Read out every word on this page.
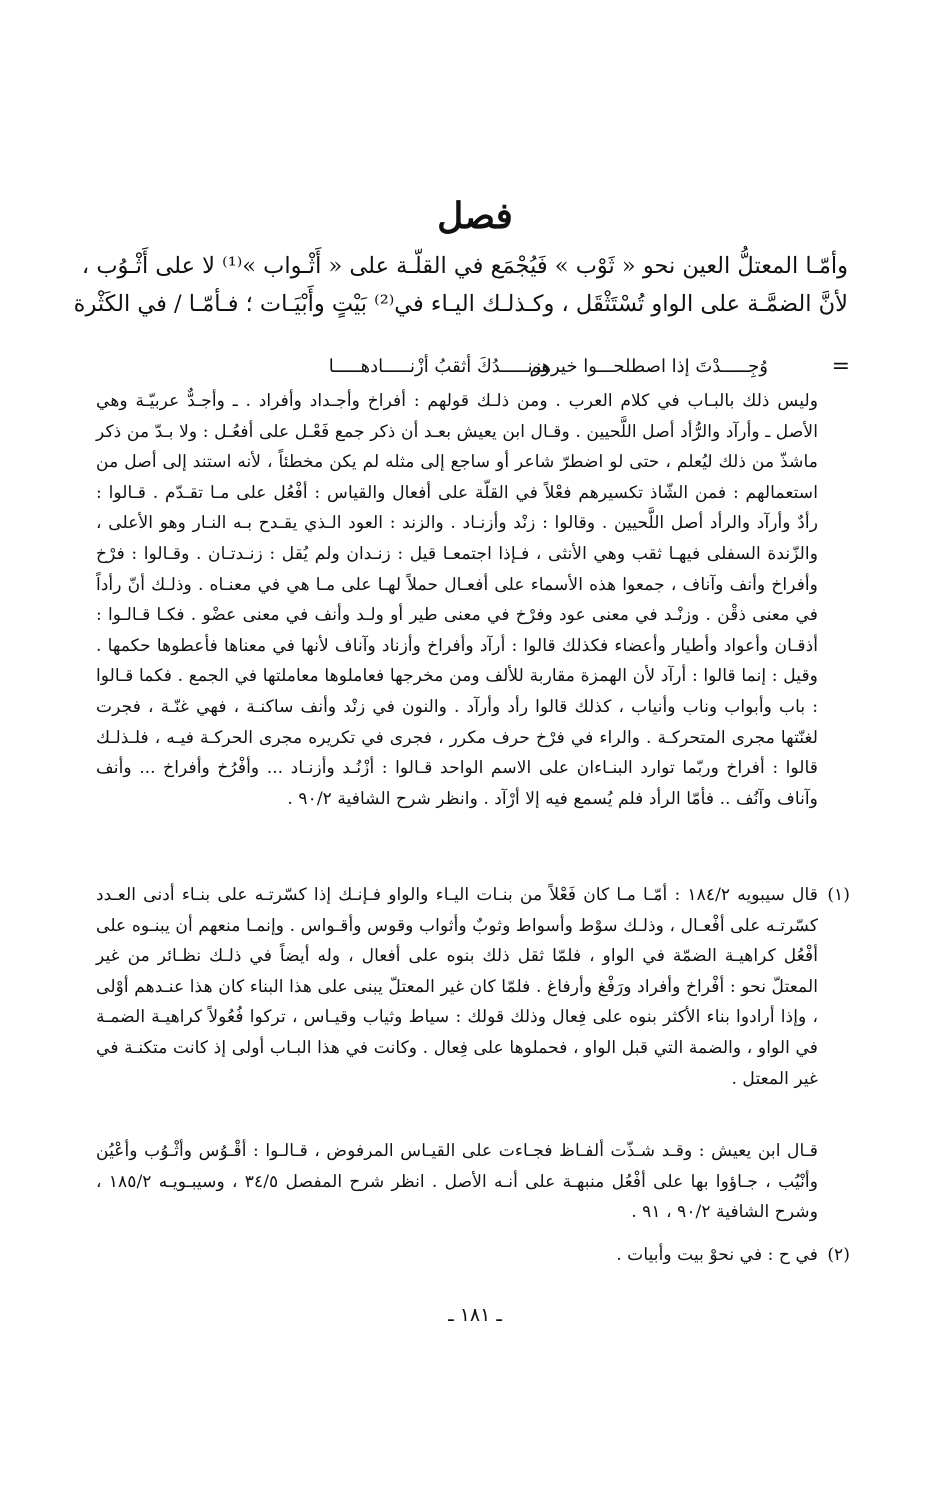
فصل
وأمّـا المعتلُّ العين نحو « ثَوْب » فَيُجْمَع في القلّـة على « أَثْـواب »⁽¹⁾ لا على أَثْـوُب ،
لأنَّ الضمَّـة على الواو تُسْتَثْقَل ، وكـذلـك اليـاء في⁽²⁾ بَيْتٍ وأَبْيَـات ؛ فـأمّـا / في الكَثْرة
=
وُجِـــــدْتَ إذا اصطلحـــوا خيرهم
وزنـــــدُكَ أثقبُ أزْنـــــادهـــــا
وليس ذلك بالبـاب في كلام العرب . ومن ذلـك قولهم : أفراخ وأجـداد وأفراد . ـ وأجـدٌّ عربيّـة وهي الأصل ـ وأرآد والرُّأد أصل اللَّحيين . وقـال ابن يعيش بعـد أن ذكر جمع فَعْـل على أفعُـل : ولا بـدّ من ذكر ماشذّ من ذلك ليُعلم ، حتى لو اضطرّ شاعر أو ساجع إلى مثله لم يكن مخطئاً ، لأنه استند إلى أصل من استعمالهم : فمن الشّاذ تكسيرهم فعْلاً في القلّة على أفعال والقياس : أفْعُل على مـا تقـدّم . قـالوا : رأدٌ وأرآد والرأد أصل اللَّحيين . وقالوا : زنْد وأزنـاد . والزند : العود الـذي يقـدح بـه النـار وهو الأعلى ، والزّندة السفلى فيهـا ثقب وهي الأنثى ، فـإذا اجتمعـا قيل : زنـدان ولم يُقل : زنـدتـان . وقـالوا : فرْخ وأفراخ وأنف وآناف ، جمعوا هذه الأسماء على أفعـال حملاً لهـا على مـا هي في معنـاه . وذلـك أنّ رأداً في معنى ذقْن . وزنْـد في معنى عود وفرْخ في معنى طير أو ولـد وأنف في معنى عضْو . فكـا قـالـوا : أذقـان وأعواد وأطيار وأعضاء فكذلك قالوا : أرآد وأفراخ وأزناد وآناف لأنها في معناها فأعطوها حكمها . وقيل : إنما قالوا : أرآد لأن الهمزة مقاربة للألف ومن مخرجها فعاملوها معاملتها في الجمع . فكما قـالوا : باب وأبواب وناب وأنياب ، كذلك قالوا رأد وأرآد . والنون في زنْد وأنف ساكنـة ، فهي غنّـة ، فجرت لغنّتها مجرى المتحركـة . والراء في فرْخ حرف مكرر ، فجرى في تكريره مجرى الحركـة فيـه ، فلـذلـك قالوا : أفراخ وربّما توارد البنـاءان على الاسم الواحد قـالوا : أزْنُـد وأزنـاد ... وأفْرُخ وأفراخ ... وأنف وآناف وآنُف .. فأمّا الرأد فلم يُسمع فيه إلا أرْآد . وانظر شرح الشافية ٩٠/٢ .
(١)
قال سيبويه ١٨٤/٢ : أمّـا مـا كان فَعْلاً من بنـات اليـاء والواو فـإنـك إذا كسّرتـه على بنـاء أدنى العـدد كسّرتـه على أفْعـال ، وذلـك سوْط وأسواط وثوبٌ وأثواب وقوس وأقـواس . وإنمـا منعهم أن يبنـوه على أفْعُل كراهيـة الضمّة في الواو ، فلمّا ثقل ذلك بنوه على أفعال ، وله أيضاً في ذلـك نظـائر من غير المعتلّ نحو : أفْراخ وأفراد ورَفْغ وأرفاغ . فلمّا كان غير المعتلّ يبنى على هذا البناء كان هذا عنـدهم أوْلى ، وإذا أرادوا بناء الأكثر بنوه على فِعال وذلك قولك : سياط وثياب وقيـاس ، تركوا فُعُولاً كراهيـة الضمـة في الواو ، والضمة التي قبل الواو ، فحملوها على فِعال . وكانت في هذا البـاب أولى إذ كانت متكنـة في غير المعتل .
قـال ابن يعيش : وقـد شـذّت ألفـاظ فجـاءت على القيـاس المرفوض ، قـالـوا : أقْـوُس وأثْـوُب وأعْيُن وأنْيُب ، جـاؤوا بها على أفْعُل منبهـة على أنـه الأصل . انظر شرح المفصل ٣٤/٥ ، وسيبـويـه ١٨٥/٢ ، وشرح الشافية ٩٠/٢ ، ٩١ .
(٢)
في ح : في نحوْ بيت وأبيات .
ـ ١٨١ ـ
